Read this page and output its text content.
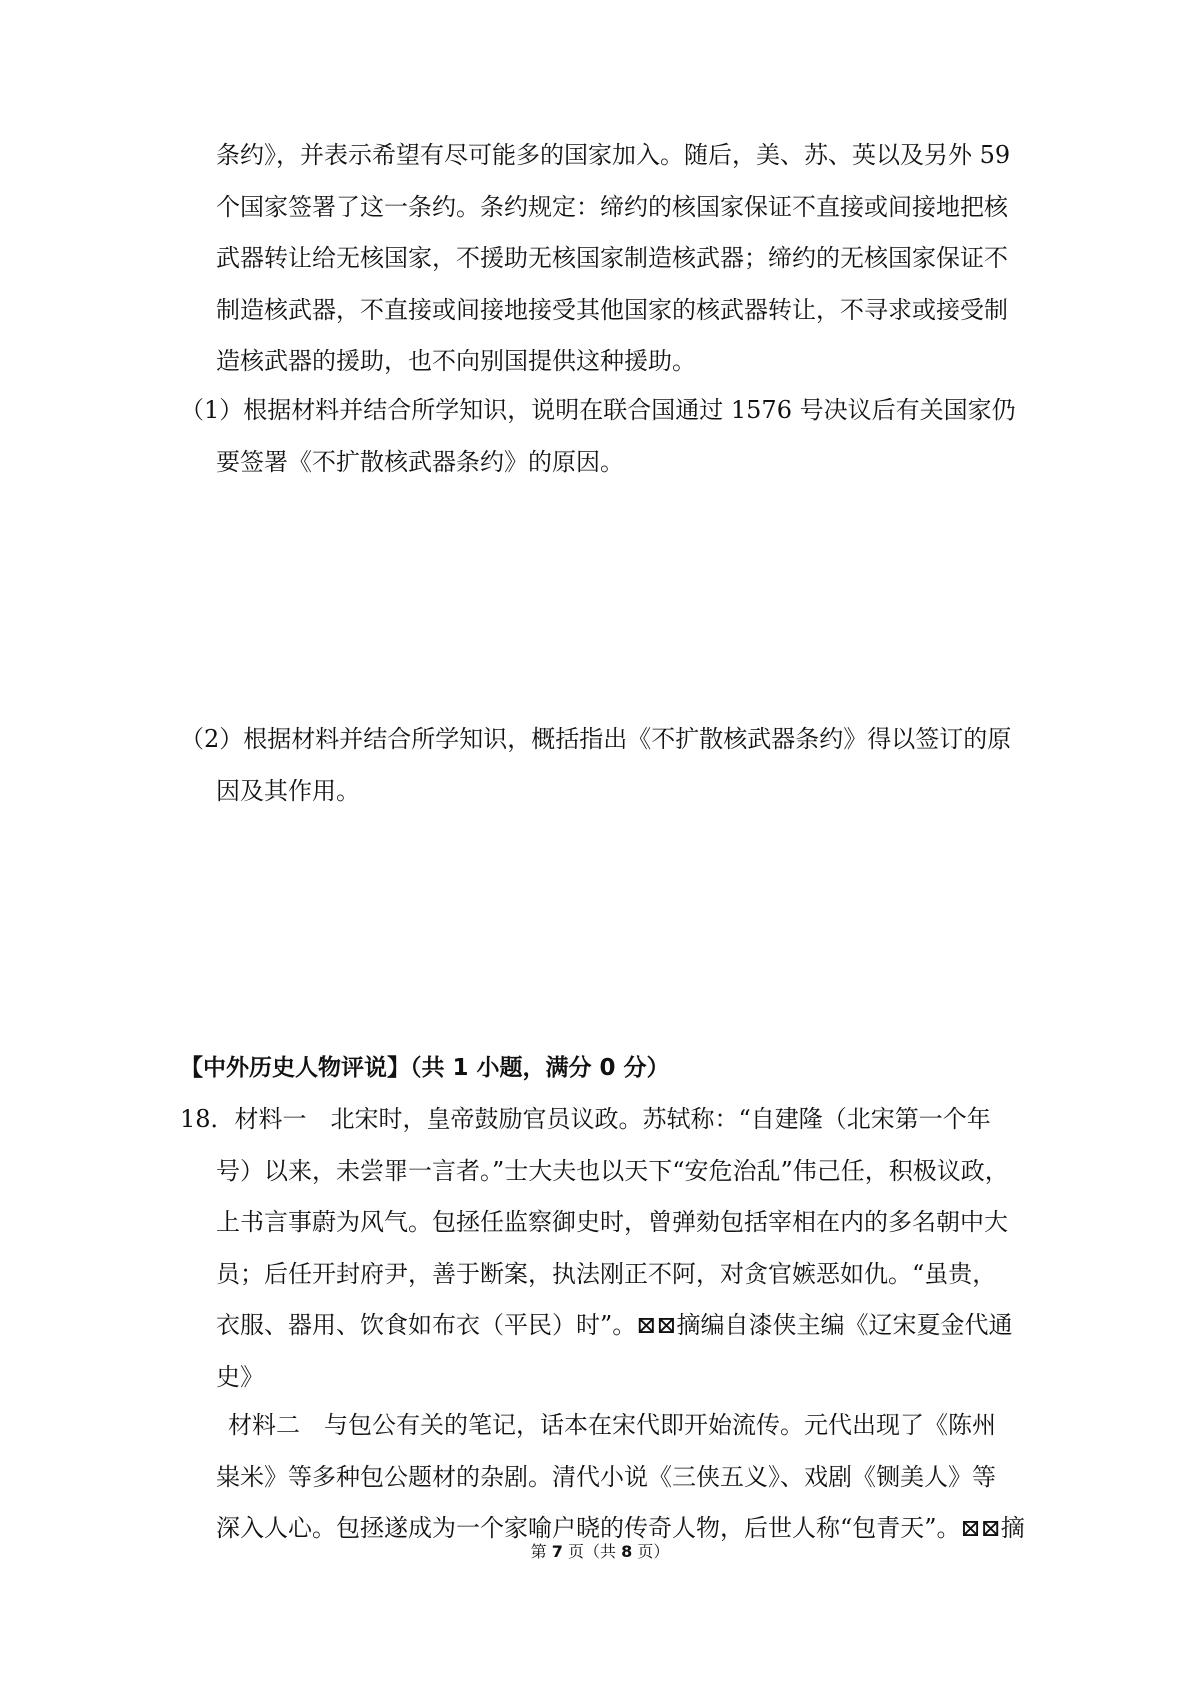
条约》，并表示希望有尽可能多的国家加入。随后，美、苏、英以及另外 59
个国家签署了这一条约。条约规定：缔约的核国家保证不直接或间接地把核
武器转让给无核国家，不援助无核国家制造核武器；缔约的无核国家保证不
制造核武器，不直接或间接地接受其他国家的核武器转让，不寻求或接受制
造核武器的援助，也不向别国提供这种援助。

（1）根据材料并结合所学知识，说明在联合国通过 1576 号决议后有关国家仍
要签署《不扩散核武器条约》的原因。

（2）根据材料并结合所学知识，概括指出《不扩散核武器条约》得以签订的原
因及其作用。

【中外历史人物评说】（共 1 小题，满分 0 分）

18．材料一　北宋时，皇帝鼓励官员议政。苏轼称：“自建隆（北宋第一个年
号）以来，未尝罪一言者。”士大夫也以天下“安危治乱”伟己任，积极议政，
上书言事蔚为风气。包拯任监察御史时，曾弹劾包括宰相在内的多名朝中大
员；后任开封府尹，善于断案，执法刚正不阿，对贪官嫉恶如仇。“虽贵，
衣服、器用、饮食如布衣（平民）时”。⊠⊠摘编自漆侠主编《辽宋夏金代通
史》

材料二　与包公有关的笔记，话本在宋代即开始流传。元代出现了《陈州
粜米》等多种包公题材的杂剧。清代小说《三侠五义》、戏剧《铡美人》等
深入人心。包拯遂成为一个家喻户晓的传奇人物，后世人称“包青天”。⊠⊠摘

第 7 页（共 8 页）
